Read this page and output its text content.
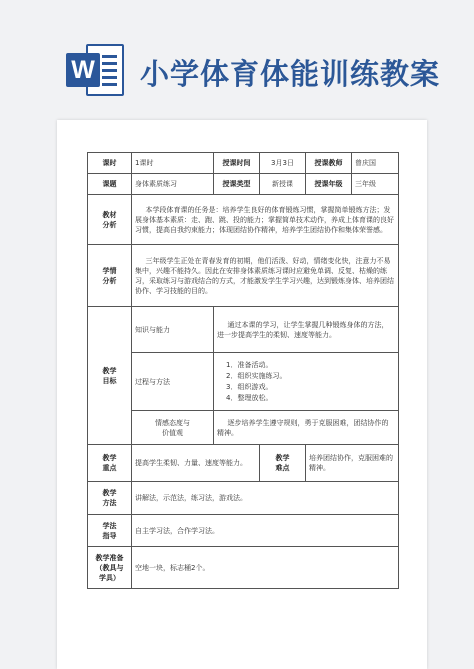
W 小学体育体能训练教案
课时	1课时	授课时间	3月3日	授课教师	曾庆国
课题	身体素质练习	授课类型	新授课	授课年级	三年级
教材
分析	本学段体育课的任务是：培养学生良好的体育锻炼习惯，掌握简单锻炼方法；发展身体基本素质：走、跑、跳、投的能力；掌握简单技术动作，养成上体育课的良好习惯，提高自我约束能力；体现团结协作精神，培养学生团结协作和集体荣誉感。				
学情
分析	三年级学生正处在青春发育的初期，他们活泼、好动，情绪变化快，注意力不易集中，兴趣不能持久。因此在安排身体素质练习课时应避免单调、反复、枯燥的练习，采取练习与游戏结合的方式，才能激发学生学习兴趣，达到锻炼身体、培养团结协作、学习技能的目的。				
教学
目标	知识与能力	通过本课的学习，让学生掌握几种锻炼身体的方法，进一步提高学生的柔韧、速度等能力。			
	过程与方法	1．准备活动。
2．组织实施练习。
3．组织游戏。
4．整理放松。			

	情感态度与
价值观	逐步培养学生遵守规则，勇于克服困难，团结协作的精神。			
教学
重点	提高学生柔韧、力量、速度等能力。		教学
难点	培养团结协作，克服困难的精神。	
教学
方法	讲解法，示范法，练习法，游戏法。				
学法
指导	自主学习法，合作学习法。				
教学准备
（教具与
学具）	空地一块，标志桶2个。				
